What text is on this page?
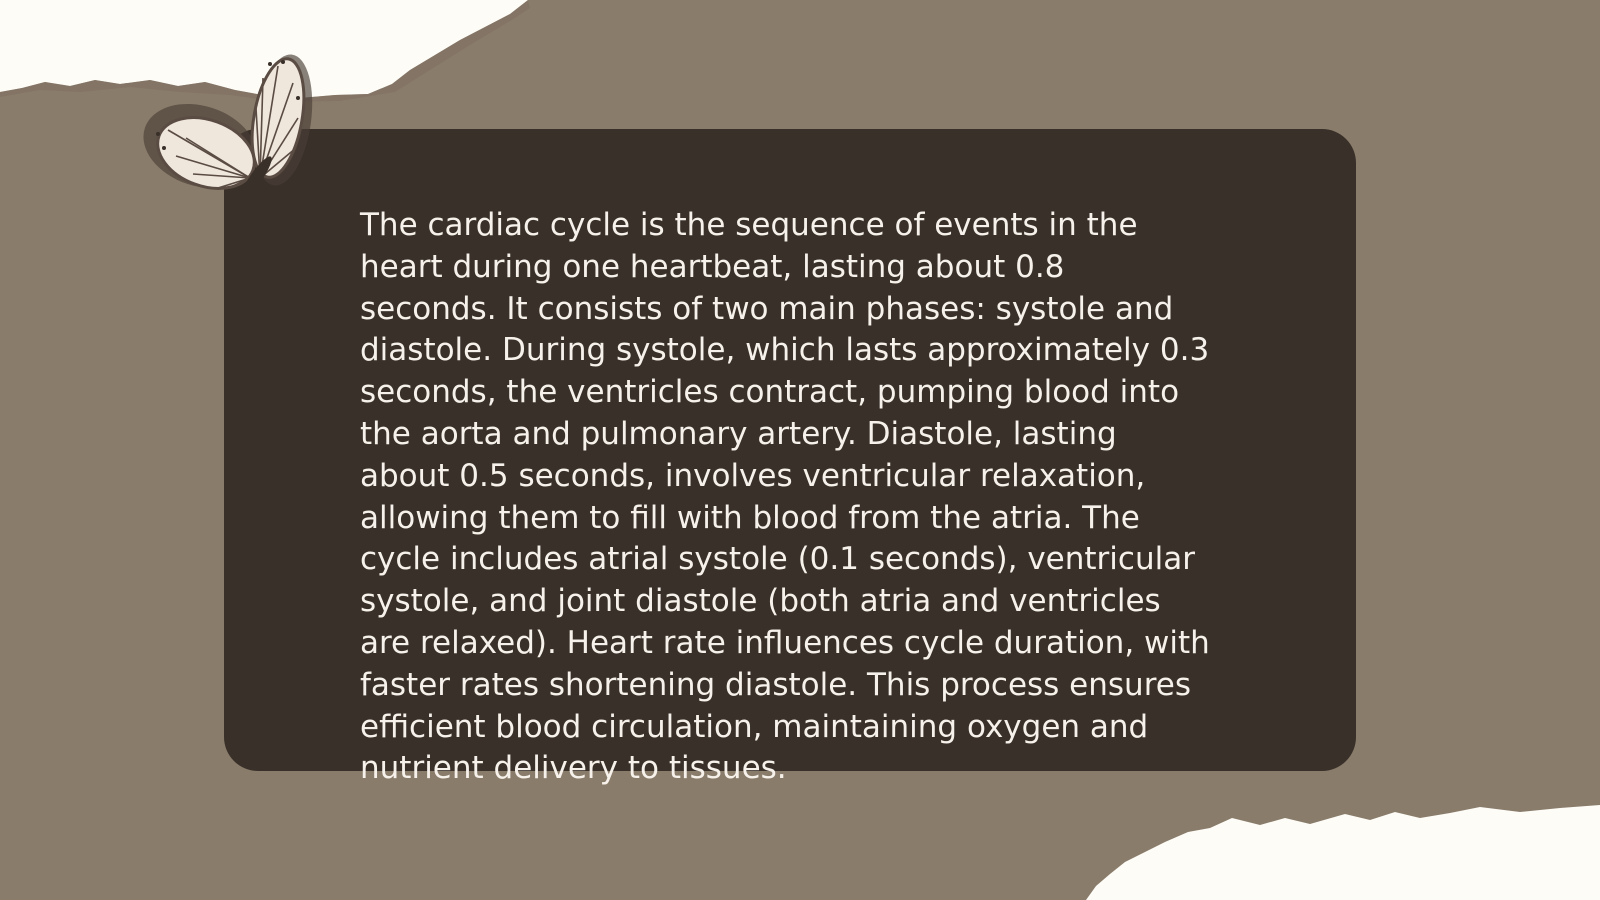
The cardiac cycle is the sequence of events in the
heart during one heartbeat, lasting about 0.8
seconds. It consists of two main phases: systole and
diastole. During systole, which lasts approximately 0.3
seconds, the ventricles contract, pumping blood into
the aorta and pulmonary artery. Diastole, lasting
about 0.5 seconds, involves ventricular relaxation,
allowing them to fill with blood from the atria. The
cycle includes atrial systole (0.1 seconds), ventricular
systole, and joint diastole (both atria and ventricles
are relaxed). Heart rate influences cycle duration, with
faster rates shortening diastole. This process ensures
efficient blood circulation, maintaining oxygen and
nutrient delivery to tissues.
